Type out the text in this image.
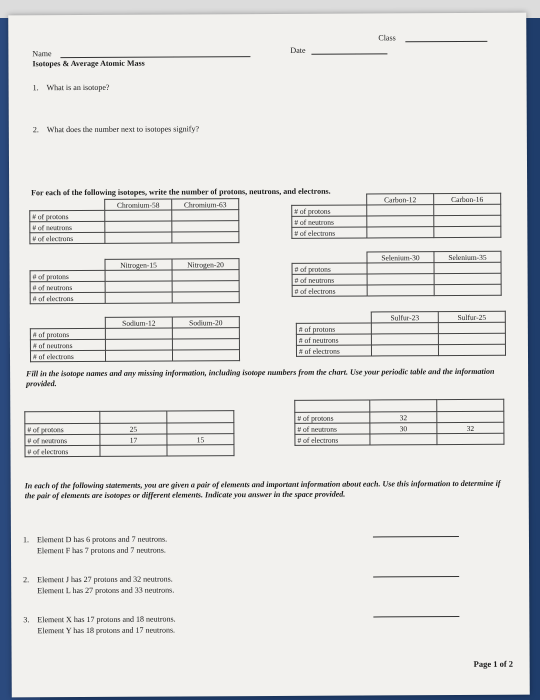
Class
Date
Name
Isotopes & Average Atomic Mass
1. What is an isotope?
2. What does the number next to isotopes signify?
For each of the following isotopes, write the number of protons, neutrons, and electrons.
	Chromium-58	Chromium-63
# of protons		
# of neutrons		
# of electrons		
	Carbon-12	Carbon-16
# of protons		
# of neutrons		
# of electrons		
	Nitrogen-15	Nitrogen-20
# of protons		
# of neutrons		
# of electrons		
	Selenium-30	Selenium-35
# of protons		
# of neutrons		
# of electrons		
	Sodium-12	Sodium-20
# of protons		
# of neutrons		
# of electrons		
	Sulfur-23	Sulfur-25
# of protons		
# of neutrons		
# of electrons		
Fill in the isotope names and any missing information, including isotope numbers from the chart. Use your periodic table and the information provided.

# of protons	25	
# of neutrons	17	15
# of electrons		

# of protons	32	
# of neutrons	30	32
# of electrons		
In each of the following statements, you are given a pair of elements and important information about each. Use this information to determine if the pair of elements are isotopes or different elements. Indicate you answer in the space provided.
1. Element D has 6 protons and 7 neutrons.
Element F has 7 protons and 7 neutrons.
2. Element J has 27 protons and 32 neutrons.
Element L has 27 protons and 33 neutrons.
3. Element X has 17 protons and 18 neutrons.
Element Y has 18 protons and 17 neutrons.
Page 1 of 2
